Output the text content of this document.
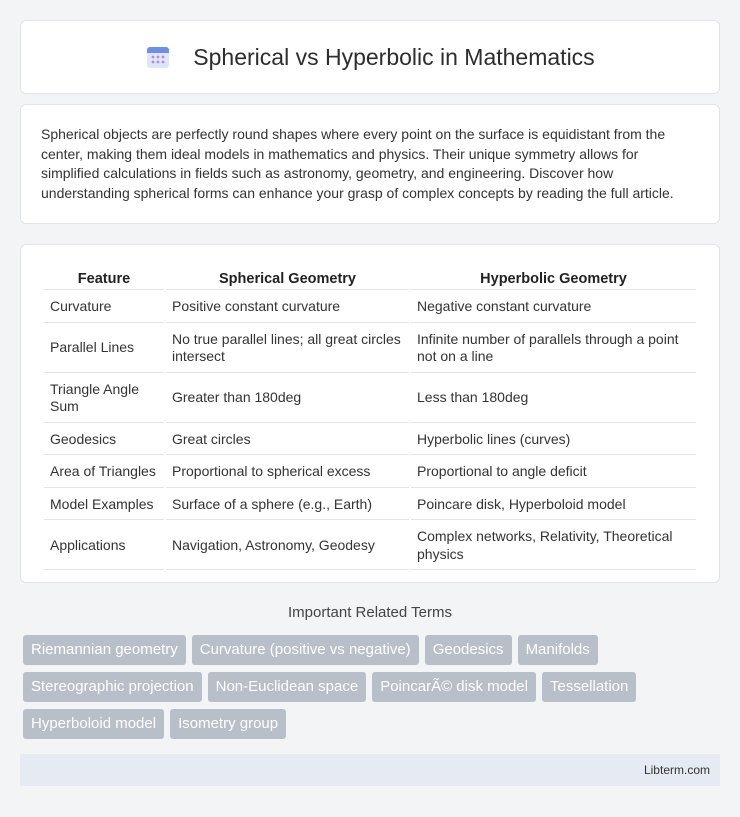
Spherical vs Hyperbolic in Mathematics

Spherical objects are perfectly round shapes where every point on the surface is equidistant from the center, making them ideal models in mathematics and physics. Their unique symmetry allows for simplified calculations in fields such as astronomy, geometry, and engineering. Discover how understanding spherical forms can enhance your grasp of complex concepts by reading the full article.

Feature	Spherical Geometry	Hyperbolic Geometry
Curvature	Positive constant curvature	Negative constant curvature
Parallel Lines	No true parallel lines; all great circles intersect	Infinite number of parallels through a point not on a line
Triangle Angle Sum	Greater than 180deg	Less than 180deg
Geodesics	Great circles	Hyperbolic lines (curves)
Area of Triangles	Proportional to spherical excess	Proportional to angle deficit
Model Examples	Surface of a sphere (e.g., Earth)	Poincare disk, Hyperboloid model
Applications	Navigation, Astronomy, Geodesy	Complex networks, Relativity, Theoretical physics
Important Related Terms
Riemannian geometry	Curvature (positive vs negative)	Geodesics	Manifolds
Stereographic projection	Non-Euclidean space	PoincarÃ© disk model	Tessellation
Hyperboloid model	Isometry group
Libterm.com
